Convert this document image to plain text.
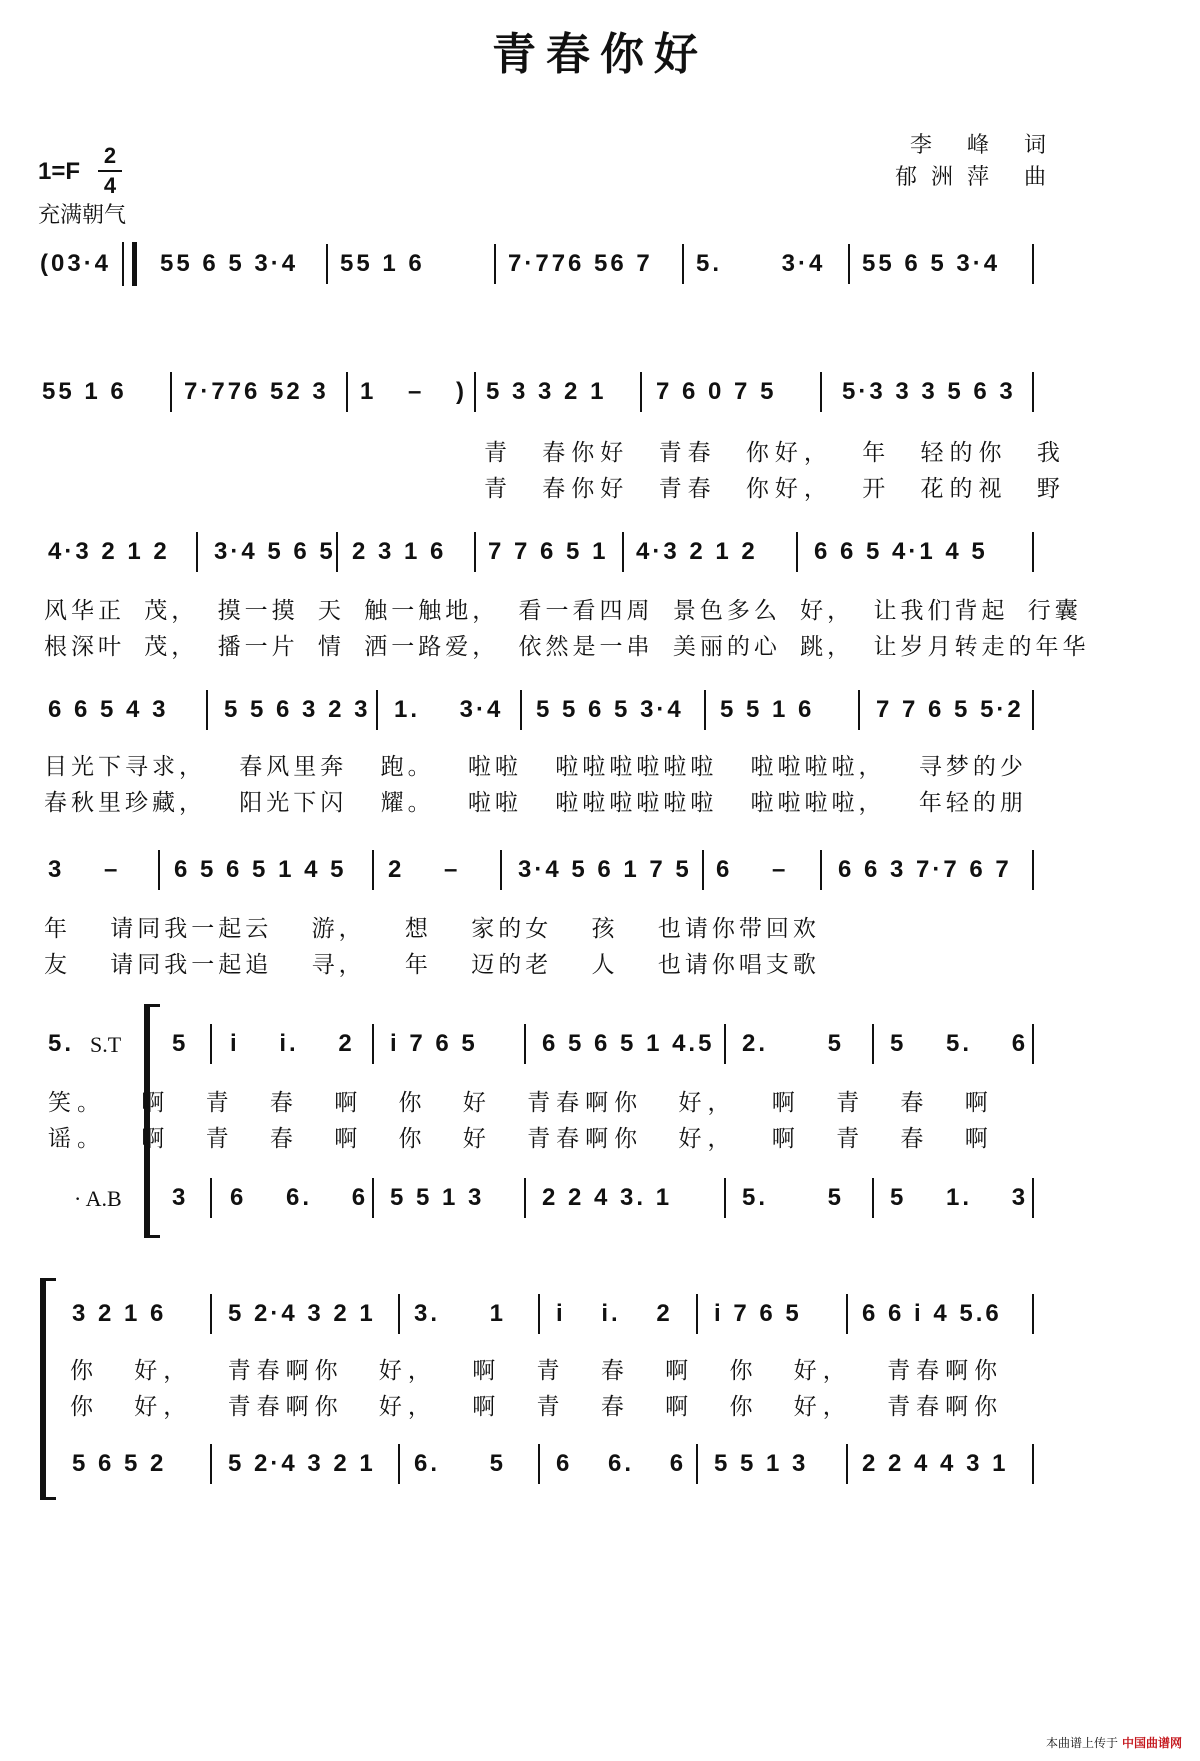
青春你好
李 峰 词
郁洲萍 曲
1=F
2
4
充满朝气
(03·4 55 6 5 3·4 55 1 6	7·776 56 7 5. 3·4 55 6 5 3·4
55 1 6 7·776 52 3 1 – ) 5 3 3 2 1 7 6 0 7 5	5·3 3 3 5 6 3
青 春你好 青春 你好， 年 轻的你 我
青 春你好 青春 你好， 开 花的视 野
4·3 2 1 2 3·4 5 6 5 2 3 1 6 7 7 6 5 1 4·3 2 1 2 6 6 5 4·1 4 5
风华正 茂， 摸一摸 天 触一触地， 看一看四周 景色多么 好， 让我们背起 行囊
根深叶 茂， 播一片 情 洒一路爱， 依然是一串 美丽的心 跳， 让岁月转走的年华
6 6 5 4 3 5 5 6 3 2 3 1. 3·4 5 5 6 5 3·4 5 5 1 6	7 7 6 5 5·2
目光下寻求， 春风里奔 跑。 啦啦 啦啦啦啦啦啦 啦啦啦啦， 寻梦的少
春秋里珍藏， 阳光下闪 耀。 啦啦 啦啦啦啦啦啦 啦啦啦啦， 年轻的朋
3 – 6 5 6 5 1 4 5 2 – 3·4 5 6 1 7 5 6 – 6 6 3 7·7 6 7
年 请同我一起云 游， 想 家的女 孩 也请你带回欢
友 请同我一起追 寻， 年 迈的老 人 也请你唱支歌
S.T
· A.B
5.	5 i i. 2 i 7 6 5	6 5 6 5 1 4.5 2. 5 5 5. 6
笑。 啊 青 春 啊 你 好 青春啊你 好， 啊 青 春 啊
谣。 啊 青 春 啊 你 好 青春啊你 好， 啊 青 春 啊
3 6 6. 6 5 5 1 3 2 2 4 3. 1	5. 5 5 1. 3
3 2 1 6	5 2·4 3 2 1 3. 1 i i. 2 i 7 6 5	6 6 i 4 5.6
你 好， 青春啊你 好， 啊 青 春 啊 你 好， 青春啊你
你 好， 青春啊你 好， 啊 青 春 啊 你 好， 青春啊你
5 6 5 2	5 2·4 3 2 1 6. 5 6 6. 6 5 5 1 3 2 2 4 4 3 1
本曲谱上传于 中国曲谱网
